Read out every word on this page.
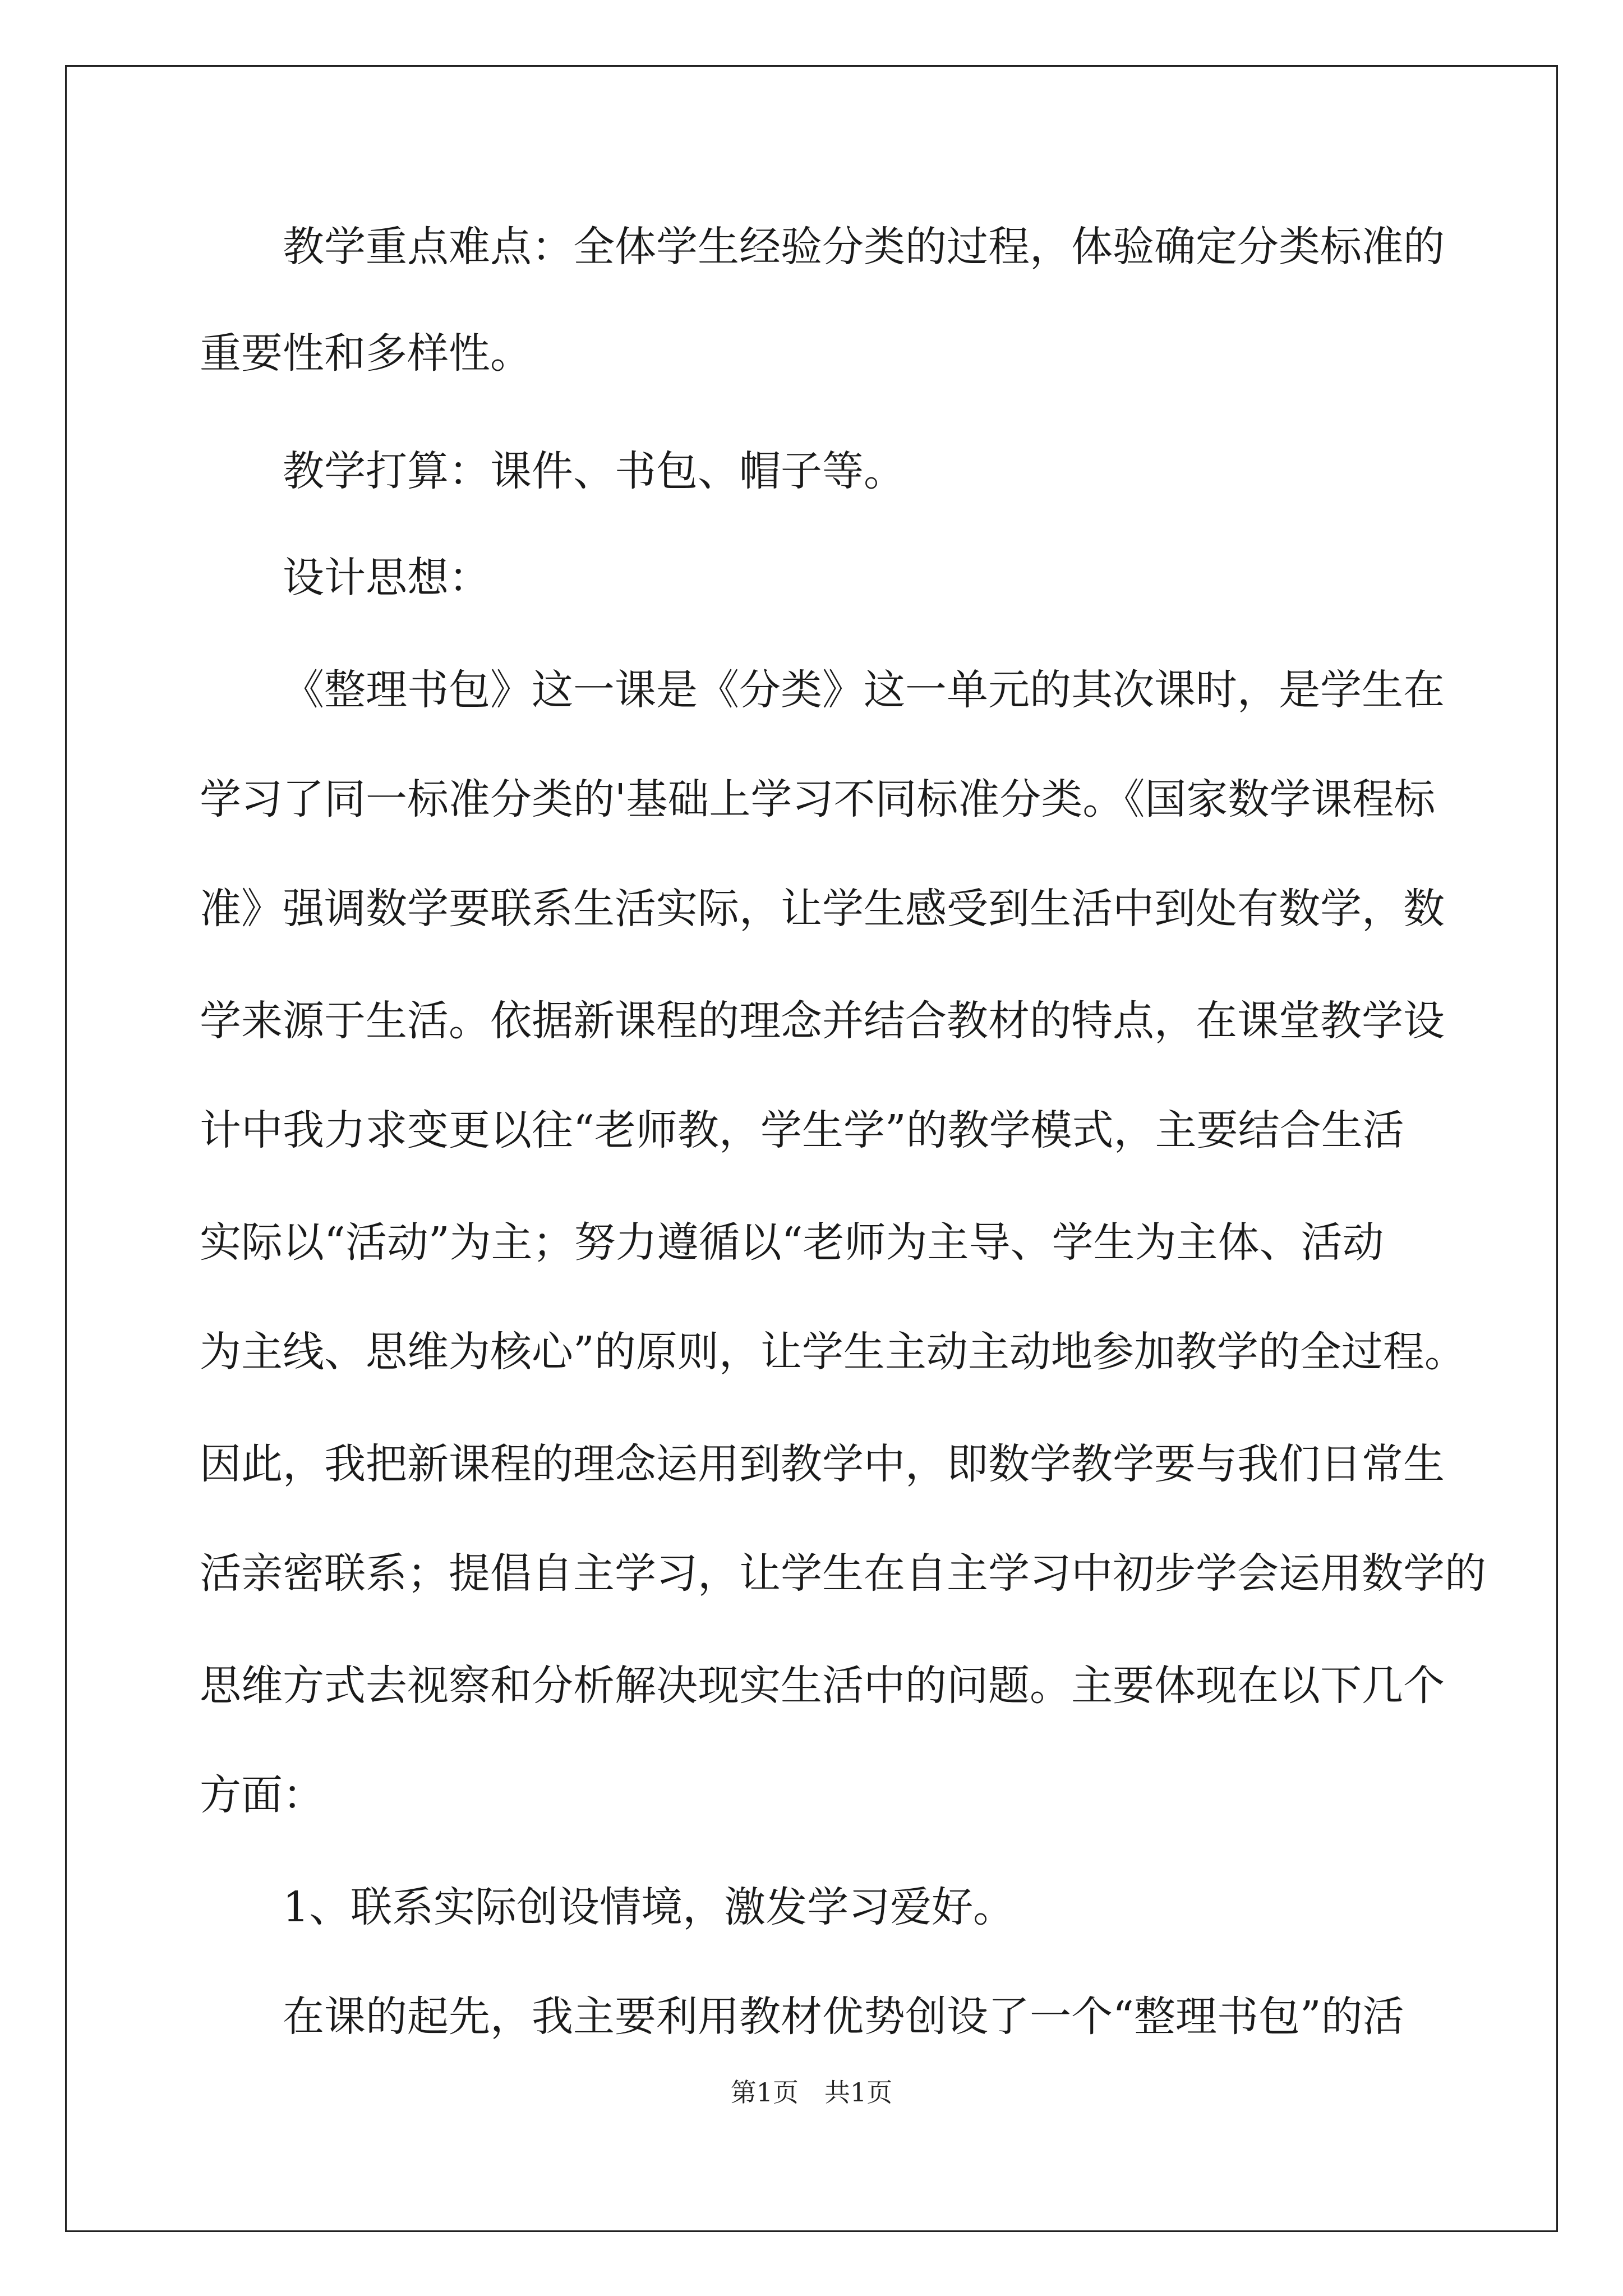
教学重点难点：全体学生经验分类的过程，体验确定分类标准的
重要性和多样性。
教学打算：课件、书包、帽子等。
设计思想：
《整理书包》这一课是《分类》这一单元的其次课时，是学生在
学习了同一标准分类的'基础上学习不同标准分类。《国家数学课程标
准》强调数学要联系生活实际，让学生感受到生活中到处有数学，数
学来源于生活。依据新课程的理念并结合教材的特点，在课堂教学设
计中我力求变更以往“老师教，学生学”的教学模式，主要结合生活
实际以“活动”为主；努力遵循以“老师为主导、学生为主体、活动
为主线、思维为核心”的原则，让学生主动主动地参加教学的全过程。
因此，我把新课程的理念运用到教学中，即数学教学要与我们日常生
活亲密联系；提倡自主学习，让学生在自主学习中初步学会运用数学的
思维方式去视察和分析解决现实生活中的问题。主要体现在以下几个
方面：
1、联系实际创设情境，激发学习爱好。
在课的起先，我主要利用教材优势创设了一个“整理书包”的活
第1页　共1页
